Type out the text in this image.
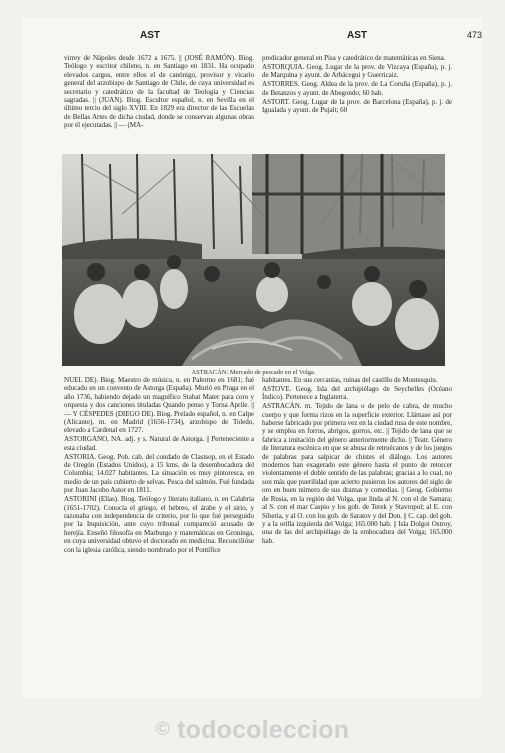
AST	AST	473

virrey de Nápoles desde 1672 a 1675. || (JOSÉ RAMÓN). Biog. Teólogo y escritor chileno, n. en Santiago en 1831. Ha ocupado elevados cargos, entre ellos el de canónigo, provisor y vicario general del arzobispo de Santiago de Chile, de cuya universidad es secretario y catedrático de la facultad de Teología y Ciencias sagradas. || (JUAN). Biog. Escultor español, n. en Sevilla en el último tercio del siglo XVIII. En 1829 era director de las Escuelas de Bellas Artes de dicha ciudad, donde se conservan algunas obras por él ejecutadas. || — (MA-

predicador general en Pisa y catedrático de matemáticas en Siena.

ASTORQUIA. Geog. Lugar de la prov. de Vizcaya (España), p. j. de Marquina y ayunt. de Arbácegui y Guerricaiz.

ASTORRES. Geog. Aldea de la prov. de La Coruña (España), p. j. de Betanzos y ayunt. de Abegondo; 60 hab.

ASTORT. Geog. Lugar de la prov. de Barcelona (España), p. j. de Igualada y ayunt. de Pujalt; 60

ASTRACÁN: Mercado de pescado en el Volga.

NUEL DE). Biog. Maestro de música, n. en Palermo en 1681; fué educado en un convento de Astorga (España). Murió en Praga en el año 1736, habiendo dejado un magnífico Stabat Mater para coro y orquesta y dos canciones tituladas Quando penso y Torna Aprile. || — Y CÉSPEDES (DIEGO DE). Biog. Prelado español, n. en Calpe (Alicante), m. en Madrid (1656-1734), arzobispo de Toledo, elevado a Cardenal en 1727.

ASTORGANO, NA. adj. y s. Natural de Astorga. || Perteneciente a esta ciudad.

ASTORIA. Geog. Pob. cab. del condado de Clastsop, en el Estado de Oregón (Estados Unidos), a 15 kms. de la desembocadura del Columbia; 14.027 habitantes. La situación es muy pintoresca, en medio de un país cubierto de selvas. Pesca del salmón. Fué fundada por Juan Jacobo Astor en 1811.

ASTORINI (Elías). Biog. Teólogo y literato italiano, n. en Calabria (1651-1702). Conocía el griego, el hebreo, el árabe y el sirio, y razonaba con independencia de criterio, por lo que fué perseguido por la Inquisición, ante cuyo tribunal compareció acusado de herejía. Enseñó filosofía en Marburgo y matemáticas en Groninga, en cuya universidad obtuvo el doctorado en medicina. Reconcilióse con la iglesia católica, siendo nombrado por el Pontífice

habitantes. En sus cercanías, ruinas del castillo de Montesquiu.

ASTOVE. Geog. Isla del archipiélago de Seychelles (Océano Índico). Pertenece a Inglaterra.

ASTRACÁN. m. Tejido de lana o de pelo de cabra, de mucho cuerpo y que forma rizos en la superficie exterior. Llámase así por haberse fabricado por primera vez en la ciudad rusa de este nombre, y se emplea en forros, abrigos, gorros, etc. || Tejido de lana que se fabrica a imitación del género anteriormente dicho. || Teatr. Género de literatura escénica en que se abusa de retruécanos y de los juegos de palabras para salpicar de chistes el diálogo. Los autores modernos han exagerado este género hasta el punto de retorcer violentamente el doble sentido de las palabras; gracias a lo cual, no son más que puerilidad que acierto pusieron los autores del siglo de oro en buen número de sus dramas y comedias. || Geog. Gobierno de Rusia, en la región del Volga, que linda al N. con el de Samara; al S. con el mar Caspio y los gob. de Terek y Stavropol; al E. con Siberia, y al O. con los gob. de Saratov y del Don. || C. cap. del gob. y a la orilla izquierda del Volga; 165.000 hab. || Isla Dolgoi Ostroy, una de las del archipiélago de la embocadura del Volga; 165.000 hab.

© todocoleccion
